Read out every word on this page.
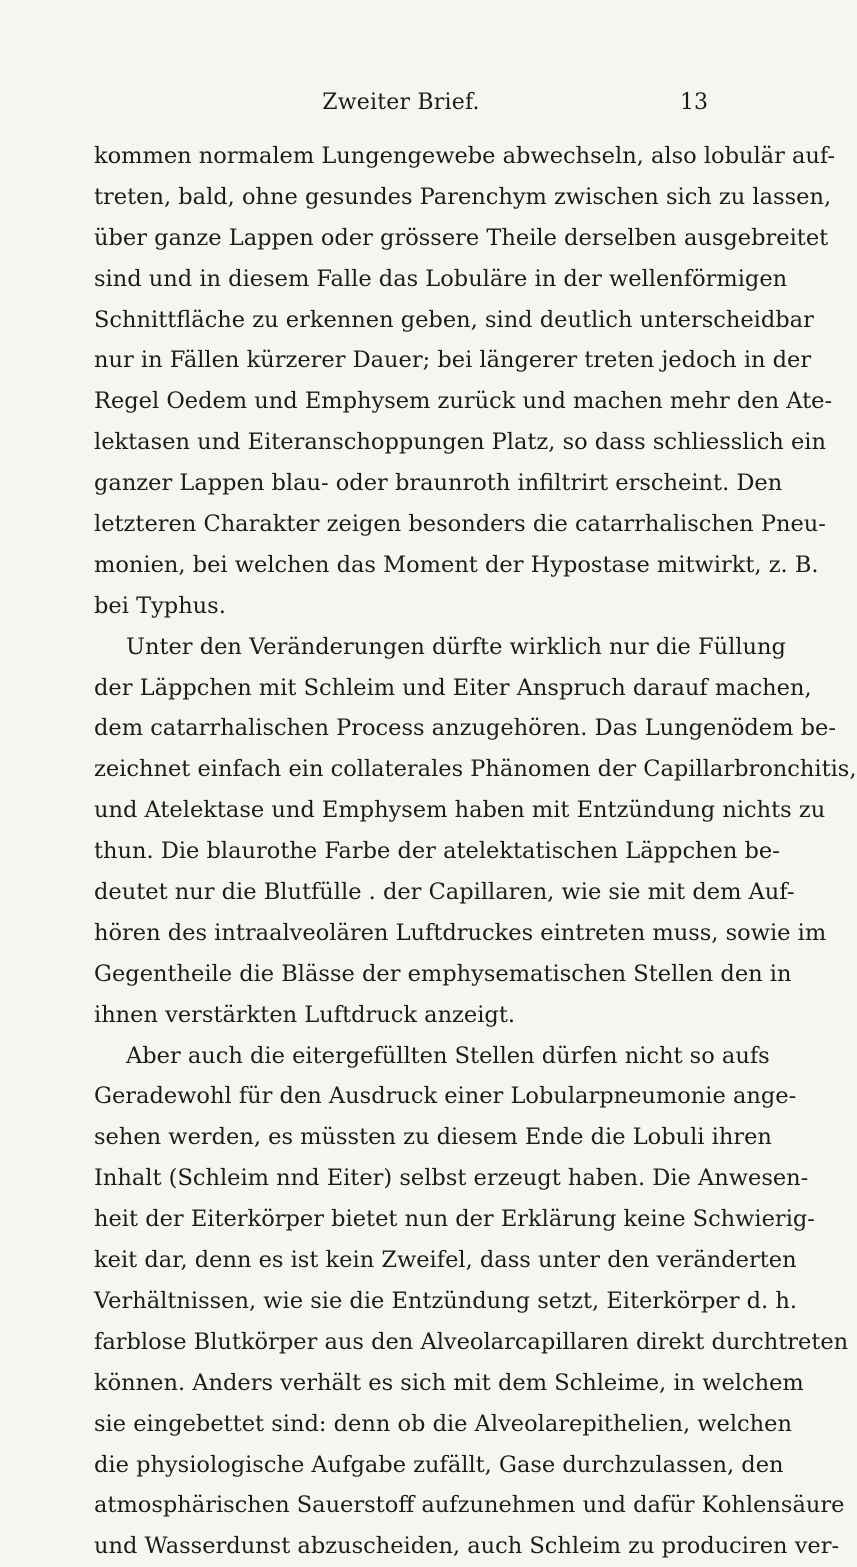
Zweiter Brief.	13
kommen normalem Lungengewebe abwechseln, also lobulär auf-
treten, bald, ohne gesundes Parenchym zwischen sich zu lassen,
über ganze Lappen oder grössere Theile derselben ausgebreitet
sind und in diesem Falle das Lobuläre in der wellenförmigen
Schnittfläche zu erkennen geben, sind deutlich unterscheidbar
nur in Fällen kürzerer Dauer; bei längerer treten jedoch in der
Regel Oedem und Emphysem zurück und machen mehr den Ate-
lektasen und Eiteranschoppungen Platz, so dass schliesslich ein
ganzer Lappen blau- oder braunroth infiltrirt erscheint. Den
letzteren Charakter zeigen besonders die catarrhalischen Pneu-
monien, bei welchen das Moment der Hypostase mitwirkt, z. B.
bei Typhus.
Unter den Veränderungen dürfte wirklich nur die Füllung
der Läppchen mit Schleim und Eiter Anspruch darauf machen,
dem catarrhalischen Process anzugehören. Das Lungenödem be-
zeichnet einfach ein collaterales Phänomen der Capillarbronchitis,
und Atelektase und Emphysem haben mit Entzündung nichts zu
thun. Die blaurothe Farbe der atelektatischen Läppchen be-
deutet nur die Blutfülle . der Capillaren, wie sie mit dem Auf-
hören des intraalveolären Luftdruckes eintreten muss, sowie im
Gegentheile die Blässe der emphysematischen Stellen den in
ihnen verstärkten Luftdruck anzeigt.
Aber auch die eitergefüllten Stellen dürfen nicht so aufs
Geradewohl für den Ausdruck einer Lobularpneumonie ange-
sehen werden, es müssten zu diesem Ende die Lobuli ihren
Inhalt (Schleim nnd Eiter) selbst erzeugt haben. Die Anwesen-
heit der Eiterkörper bietet nun der Erklärung keine Schwierig-
keit dar, denn es ist kein Zweifel, dass unter den veränderten
Verhältnissen, wie sie die Entzündung setzt, Eiterkörper d. h.
farblose Blutkörper aus den Alveolarcapillaren direkt durchtreten
können. Anders verhält es sich mit dem Schleime, in welchem
sie eingebettet sind: denn ob die Alveolarepithelien, welchen
die physiologische Aufgabe zufällt, Gase durchzulassen, den
atmosphärischen Sauerstoff aufzunehmen und dafür Kohlensäure
und Wasserdunst abzuscheiden, auch Schleim zu produciren ver-
